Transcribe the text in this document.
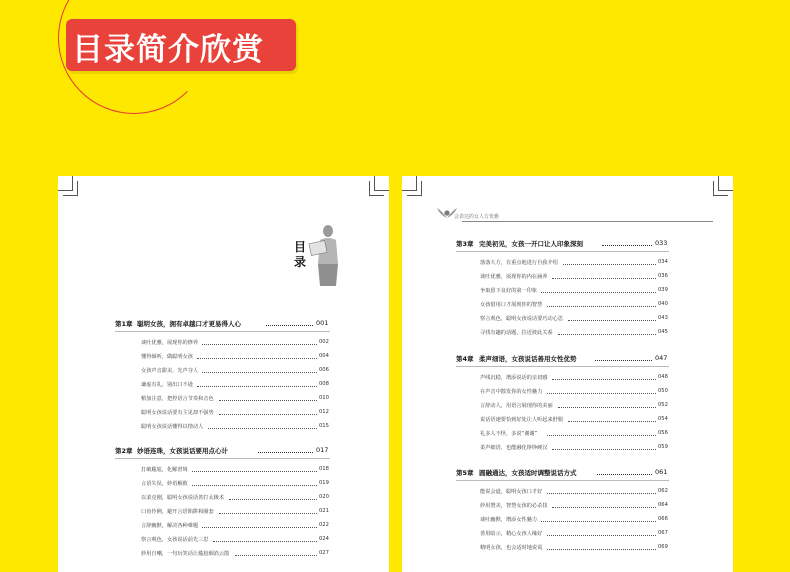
目录简介欣赏
目
录
第1章 聪明女孩，拥有卓越口才更易得人心	001
谈吐优雅，展现你的修养	002
懂得倾听，做聪明女孩	004
女孩声音甜美，先声夺人	006
谦虚有礼，别出口不逊	008
稍加注意，把控语言节奏和音色	010
聪明女孩说话要有主见却不强势	012
聪明女孩说话懂得以情动人	015
第2章 妙语连珠，女孩说话要用点心计	017
打破尴尬，化解窘境	018
言语失误，妙语解救	019
以柔克刚，聪明女孩说话善打太极术	020
口齿伶俐，避开言语陷阱和圈套	021
言辞幽默，解决各种难题	022
察言观色，女孩说话前先三思	024
妙用自嘲，一句玩笑话让尴尬烟消云散	027
会表达的女人方优雅
第3章 完美初见，女孩一开口让人印象深刻	033
落落大方，有重点地进行自我介绍	034
谈吐优雅，展现你的内在涵养	036
争取留下良好的第一印象	039
女孩借用口才展现你的智慧	040
察言观色，聪明女孩说话要巧动心思	043
寻找有趣的话题，拉近彼此关系	045
第4章 柔声细语，女孩说话善用女性优势	047
声线沉稳，增添说话的亲切感	048
在声音中散发你的女性魅力	050
言辞动人，用语言展现你的美丽	052
说话语速要恰到好处让人听起来舒服	054
礼多人不怪，多说“谢谢”	056
柔声细语，也能融化铮铮硬汉	059
第5章 圆融通达，女孩适时调整说话方式	061
能说会道，聪明女孩口才好	062
妙用赞美，智慧女孩的必杀技	064
谈吐幽默，增添女性魅力	066
善用暗示，精心女孩人缘好	067
精明女孩，也会适时地说谎	069
